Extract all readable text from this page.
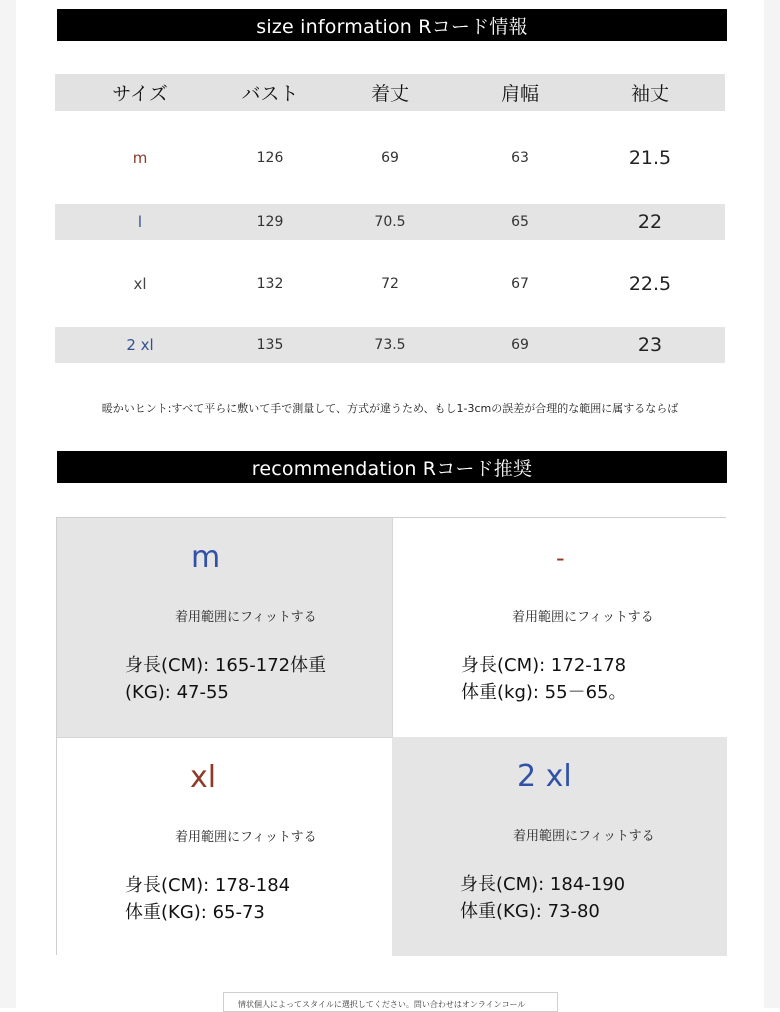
size information Rコード情報
サイズ	バスト	着丈	肩幅	袖丈
m	126	69	63	21.5
l	129	70.5	65	22
xl	132	72	67	22.5
2 xl	135	73.5	69	23
暖かいヒント:すべて平らに敷いて手で測量して、方式が違うため、もし1-3cmの誤差が合理的な範囲に属するならば
recommendation Rコード推奨
m
着用範囲にフィットする
身長(CM): 165-172体重
(KG): 47-55
-
着用範囲にフィットする
身長(CM): 172-178
体重(kg): 55－65。
xl
着用範囲にフィットする
身長(CM): 178-184
体重(KG): 65-73
2 xl
着用範囲にフィットする
身長(CM): 184-190
体重(KG): 73-80
情状個人によってスタイルに選択してください。問い合わせはオンラインコール
